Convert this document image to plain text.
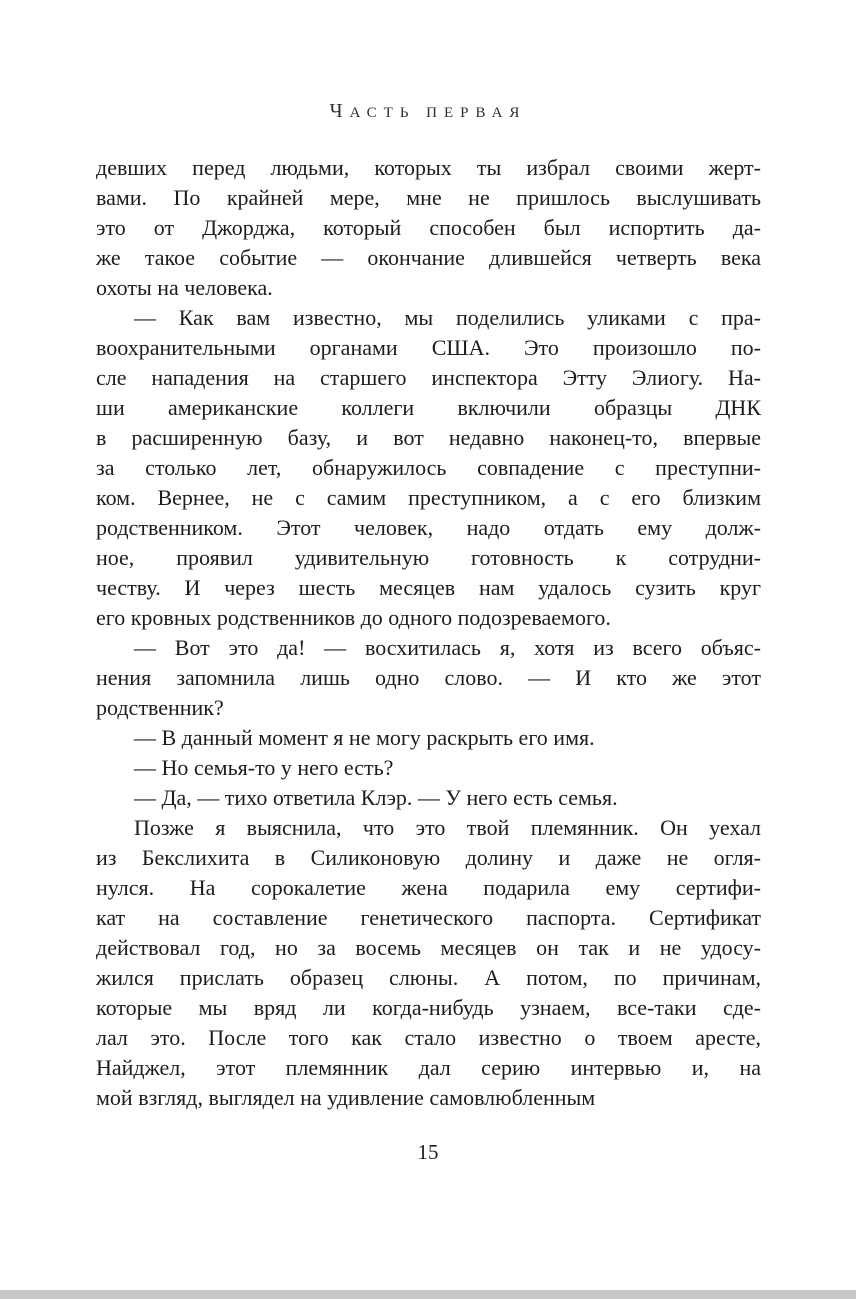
ЧАСТЬ ПЕРВАЯ
девших перед людьми, которых ты избрал своими жерт-
вами. По крайней мере, мне не пришлось выслушивать
это от Джорджа, который способен был испортить да-
же такое событие — окончание длившейся четверть века
охоты на человека.
— Как вам известно, мы поделились уликами с пра-
воохранительными органами США. Это произошло по-
сле нападения на старшего инспектора Этту Элиогу. На-
ши американские коллеги включили образцы ДНК
в расширенную базу, и вот недавно наконец-то, впервые
за столько лет, обнаружилось совпадение с преступни-
ком. Вернее, не с самим преступником, а с его близким
родственником. Этот человек, надо отдать ему долж-
ное, проявил удивительную готовность к сотрудни-
честву. И через шесть месяцев нам удалось сузить круг
его кровных родственников до одного подозреваемого.
— Вот это да! — восхитилась я, хотя из всего объяс-
нения запомнила лишь одно слово. — И кто же этот
родственник?
— В данный момент я не могу раскрыть его имя.
— Но семья-то у него есть?
— Да, — тихо ответила Клэр. — У него есть семья.
Позже я выяснила, что это твой племянник. Он уехал
из Бекслихита в Силиконовую долину и даже не огля-
нулся. На сорокалетие жена подарила ему сертифи-
кат на составление генетического паспорта. Сертификат
действовал год, но за восемь месяцев он так и не удосу-
жился прислать образец слюны. А потом, по причинам,
которые мы вряд ли когда-нибудь узнаем, все-таки сде-
лал это. После того как стало известно о твоем аресте,
Найджел, этот племянник дал серию интервью и, на
мой взгляд, выглядел на удивление самовлюбленным
15
